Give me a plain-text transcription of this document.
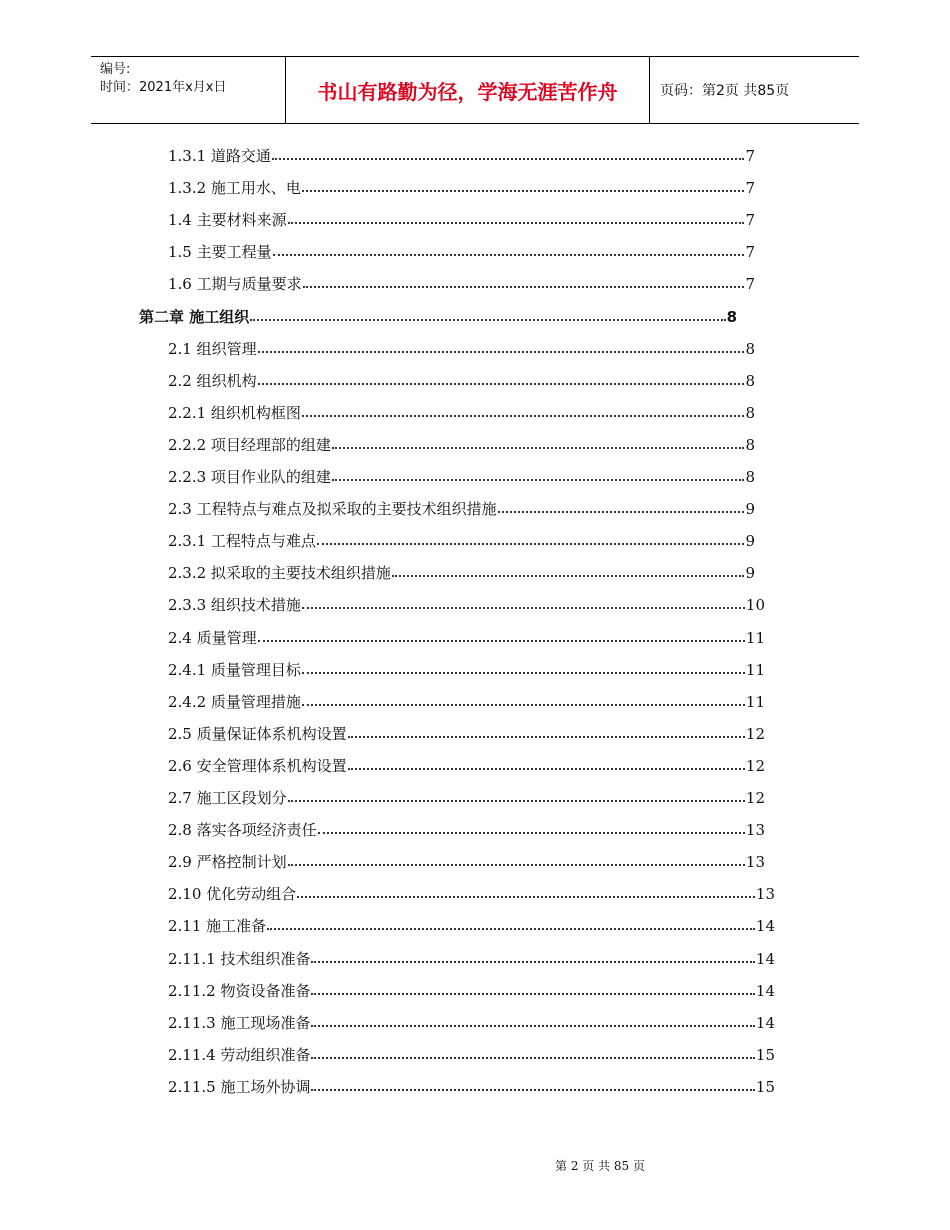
编号:
时间：2021年x月x日	书山有路勤为径，学海无涯苦作舟	页码：第2页 共85页
1.3.1 道路交通	7
1.3.2 施工用水、电	7
1.4 主要材料来源	7
1.5 主要工程量	7
1.6 工期与质量要求	7
第二章 施工组织	8
2.1 组织管理	8
2.2 组织机构	8
2.2.1 组织机构框图	8
2.2.2 项目经理部的组建	8
2.2.3 项目作业队的组建	8
2.3 工程特点与难点及拟采取的主要技术组织措施	9
2.3.1 工程特点与难点	9
2.3.2 拟采取的主要技术组织措施	9
2.3.3 组织技术措施	10
2.4 质量管理	11
2.4.1 质量管理目标	11
2.4.2 质量管理措施	11
2.5 质量保证体系机构设置	12
2.6 安全管理体系机构设置	12
2.7 施工区段划分	12
2.8 落实各项经济责任	13
2.9 严格控制计划	13
2.10 优化劳动组合	13
2.11 施工准备	14
2.11.1 技术组织准备	14
2.11.2 物资设备准备	14
2.11.3 施工现场准备	14
2.11.4 劳动组织准备	15
2.11.5 施工场外协调	15
第 2 页 共 85 页
